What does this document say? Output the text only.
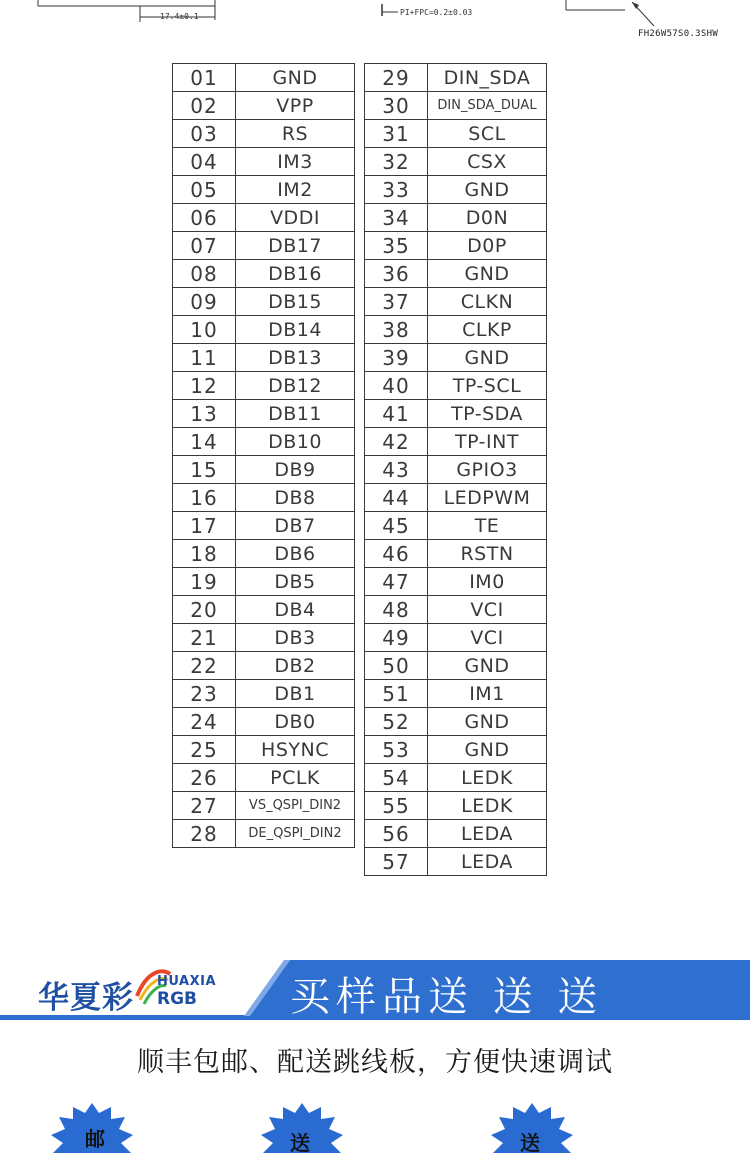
17.4±0.1	PI+FPC=0.2±0.03
FH26W57S0.3SHW
01	GND
02	VPP
03	RS
04	IM3
05	IM2
06	VDDI
07	DB17
08	DB16
09	DB15
10	DB14
11	DB13
12	DB12
13	DB11
14	DB10
15	DB9
16	DB8
17	DB7
18	DB6
19	DB5
20	DB4
21	DB3
22	DB2
23	DB1
24	DB0
25	HSYNC
26	PCLK
27	VS_QSPI_DIN2
28	DE_QSPI_DIN2
29	DIN_SDA
30	DIN_SDA_DUAL
31	SCL
32	CSX
33	GND
34	D0N
35	D0P
36	GND
37	CLKN
38	CLKP
39	GND
40	TP-SCL
41	TP-SDA
42	TP-INT
43	GPIO3
44	LEDPWM
45	TE
46	RSTN
47	IM0
48	VCI
49	VCI
50	GND
51	IM1
52	GND
53	GND
54	LEDK
55	LEDK
56	LEDA
57	LEDA
华夏彩 HUAXIA
RGB 买样品送 送 送
顺丰包邮、配送跳线板，方便快速调试
邮	送	送
